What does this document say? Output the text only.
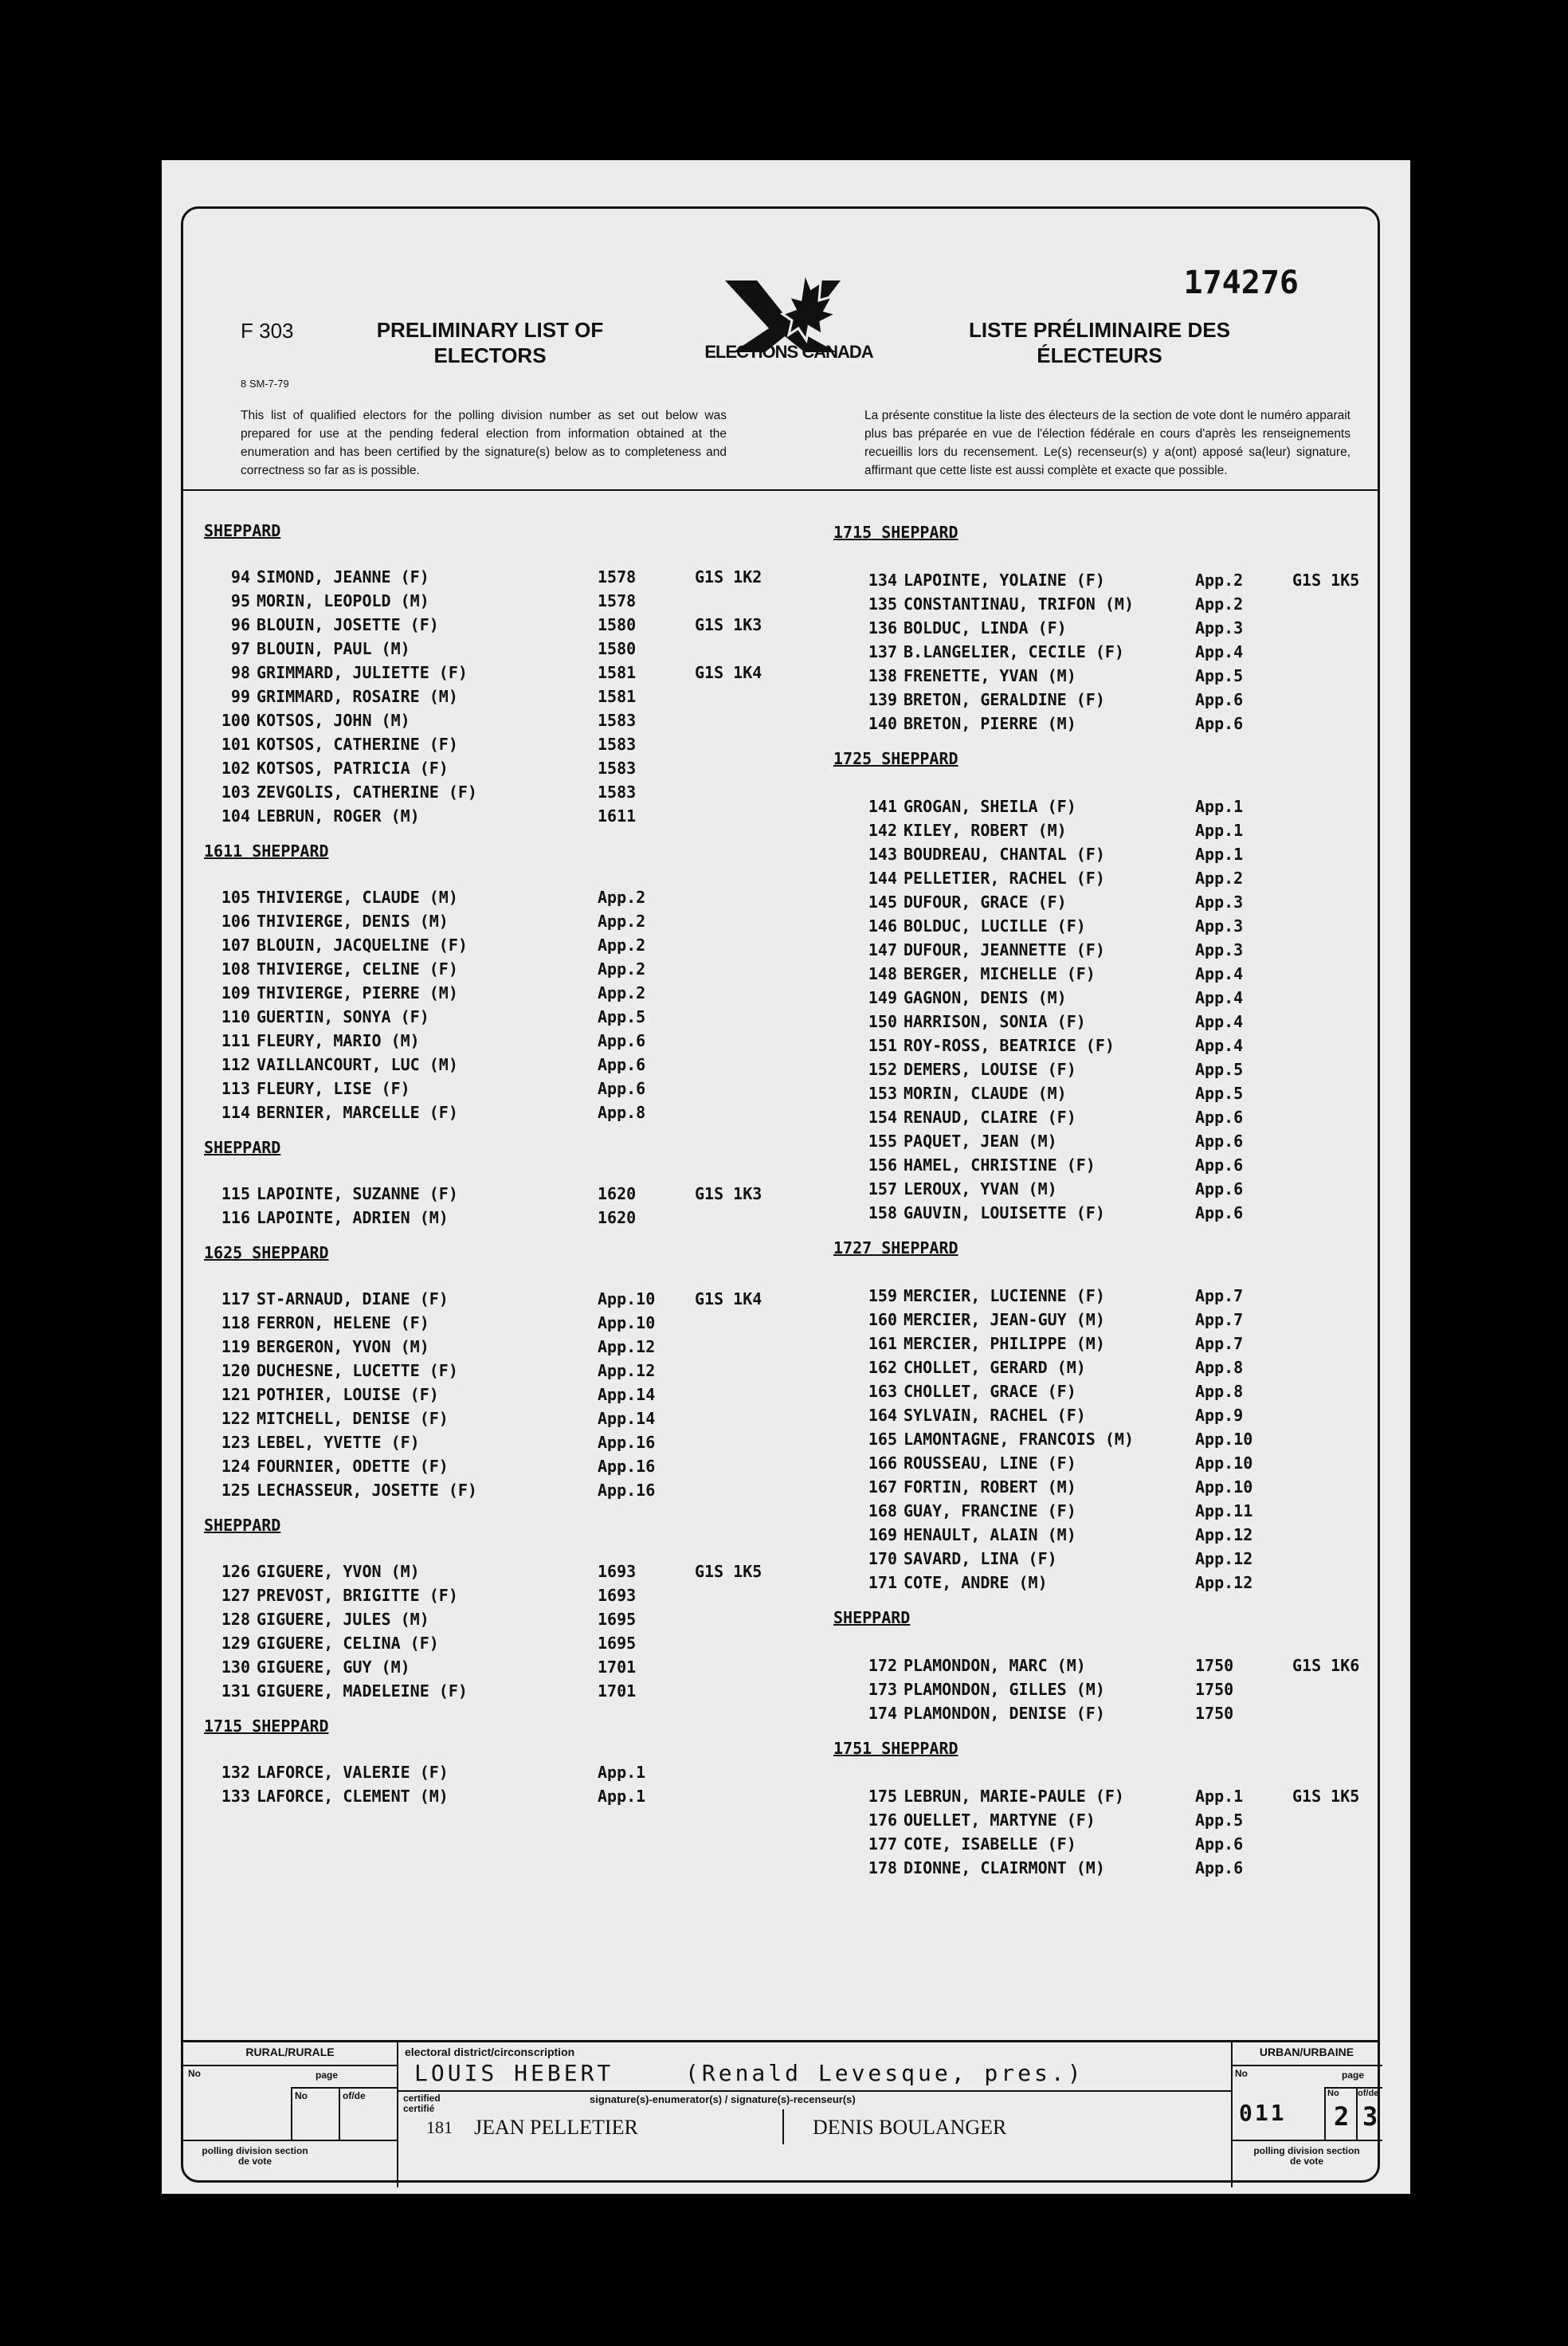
F 303
8 SM-7-79
PRELIMINARY LIST OF ELECTORS	ELECTIONS CANADA
LISTE PRÉLIMINAIRE DES ÉLECTEURS
174276
This list of qualified electors for the polling division number as set out below was prepared for use at the pending federal election from information obtained at the enumeration and has been certified by the signature(s) below as to completeness and correctness so far as is possible.
La présente constitue la liste des électeurs de la section de vote dont le numéro apparait plus bas préparée en vue de l'élection fédérale en cours d'après les renseignements recueillis lors du recensement. Le(s) recenseur(s) y a(ont) apposé sa(leur) signature, affirmant que cette liste est aussi complète et exacte que possible.
SHEPPARD
94 SIMOND, JEANNE (F)	1578	G1S 1K2
95 MORIN, LEOPOLD (M)	1578
96 BLOUIN, JOSETTE (F)	1580	G1S 1K3
97 BLOUIN, PAUL (M)	1580
98 GRIMMARD, JULIETTE (F)	1581	G1S 1K4
99 GRIMMARD, ROSAIRE (M)	1581
100 KOTSOS, JOHN (M)	1583
101 KOTSOS, CATHERINE (F)	1583
102 KOTSOS, PATRICIA (F)	1583
103 ZEVGOLIS, CATHERINE (F)	1583
104 LEBRUN, ROGER (M)	1611
1611 SHEPPARD
105 THIVIERGE, CLAUDE (M)	App.2
106 THIVIERGE, DENIS (M)	App.2
107 BLOUIN, JACQUELINE (F)	App.2
108 THIVIERGE, CELINE (F)	App.2
109 THIVIERGE, PIERRE (M)	App.2
110 GUERTIN, SONYA (F)	App.5
111 FLEURY, MARIO (M)	App.6
112 VAILLANCOURT, LUC (M)	App.6
113 FLEURY, LISE (F)	App.6
114 BERNIER, MARCELLE (F)	App.8
SHEPPARD
115 LAPOINTE, SUZANNE (F)	1620	G1S 1K3
116 LAPOINTE, ADRIEN (M)	1620
1625 SHEPPARD
117 ST-ARNAUD, DIANE (F)	App.10 G1S 1K4
118 FERRON, HELENE (F)	App.10
119 BERGERON, YVON (M)	App.12
120 DUCHESNE, LUCETTE (F)	App.12
121 POTHIER, LOUISE (F)	App.14
122 MITCHELL, DENISE (F)	App.14
123 LEBEL, YVETTE (F)	App.16
124 FOURNIER, ODETTE (F)	App.16
125 LECHASSEUR, JOSETTE (F)	App.16
SHEPPARD
126 GIGUERE, YVON (M)	1693	G1S 1K5
127 PREVOST, BRIGITTE (F)	1693
128 GIGUERE, JULES (M)	1695
129 GIGUERE, CELINA (F)	1695
130 GIGUERE, GUY (M)	1701
131 GIGUERE, MADELEINE (F)	1701
1715 SHEPPARD
132 LAFORCE, VALERIE (F)	App.1
133 LAFORCE, CLEMENT (M)	App.1
1715 SHEPPARD
134 LAPOINTE, YOLAINE (F)	App.2	G1S 1K5
135 CONSTANTINAU, TRIFON (M)	App.2
136 BOLDUC, LINDA (F)	App.3
137 B.LANGELIER, CECILE (F)	App.4
138 FRENETTE, YVAN (M)	App.5
139 BRETON, GERALDINE (F)	App.6
140 BRETON, PIERRE (M)	App.6
1725 SHEPPARD
141 GROGAN, SHEILA (F)	App.1
142 KILEY, ROBERT (M)	App.1
143 BOUDREAU, CHANTAL (F)	App.1
144 PELLETIER, RACHEL (F)	App.2
145 DUFOUR, GRACE (F)	App.3
146 BOLDUC, LUCILLE (F)	App.3
147 DUFOUR, JEANNETTE (F)	App.3
148 BERGER, MICHELLE (F)	App.4
149 GAGNON, DENIS (M)	App.4
150 HARRISON, SONIA (F)	App.4
151 ROY-ROSS, BEATRICE (F)	App.4
152 DEMERS, LOUISE (F)	App.5
153 MORIN, CLAUDE (M)	App.5
154 RENAUD, CLAIRE (F)	App.6
155 PAQUET, JEAN (M)	App.6
156 HAMEL, CHRISTINE (F)	App.6
157 LEROUX, YVAN (M)	App.6
158 GAUVIN, LOUISETTE (F)	App.6
1727 SHEPPARD
159 MERCIER, LUCIENNE (F)	App.7
160 MERCIER, JEAN-GUY (M)	App.7
161 MERCIER, PHILIPPE (M)	App.7
162 CHOLLET, GERARD (M)	App.8
163 CHOLLET, GRACE (F)	App.8
164 SYLVAIN, RACHEL (F)	App.9
165 LAMONTAGNE, FRANCOIS (M)	App.10
166 ROUSSEAU, LINE (F)	App.10
167 FORTIN, ROBERT (M)	App.10
168 GUAY, FRANCINE (F)	App.11
169 HENAULT, ALAIN (M)	App.12
170 SAVARD, LINA (F)	App.12
171 COTE, ANDRE (M)	App.12
SHEPPARD
172 PLAMONDON, MARC (M)	1750	G1S 1K6
173 PLAMONDON, GILLES (M)	1750
174 PLAMONDON, DENISE (F)	1750
1751 SHEPPARD
175 LEBRUN, MARIE-PAULE (F)	App.1	G1S 1K5
176 OUELLET, MARTYNE (F)	App.5
177 COTE, ISABELLE (F)	App.6
178 DIONNE, CLAIRMONT (M)	App.6
RURAL/RURALE
No	page
No	of/de
polling division section de vote
electoral district/circonscription
LOUIS HEBERT	(Renald Levesque, pres.)
certified certifié
signature(s)-enumerator(s) / signature(s)-recenseur(s)
181 JEAN PELLETIER	DENIS BOULANGER
URBAN/URBAINE
No	page
011
No of/de
2 3
polling division section de vote
